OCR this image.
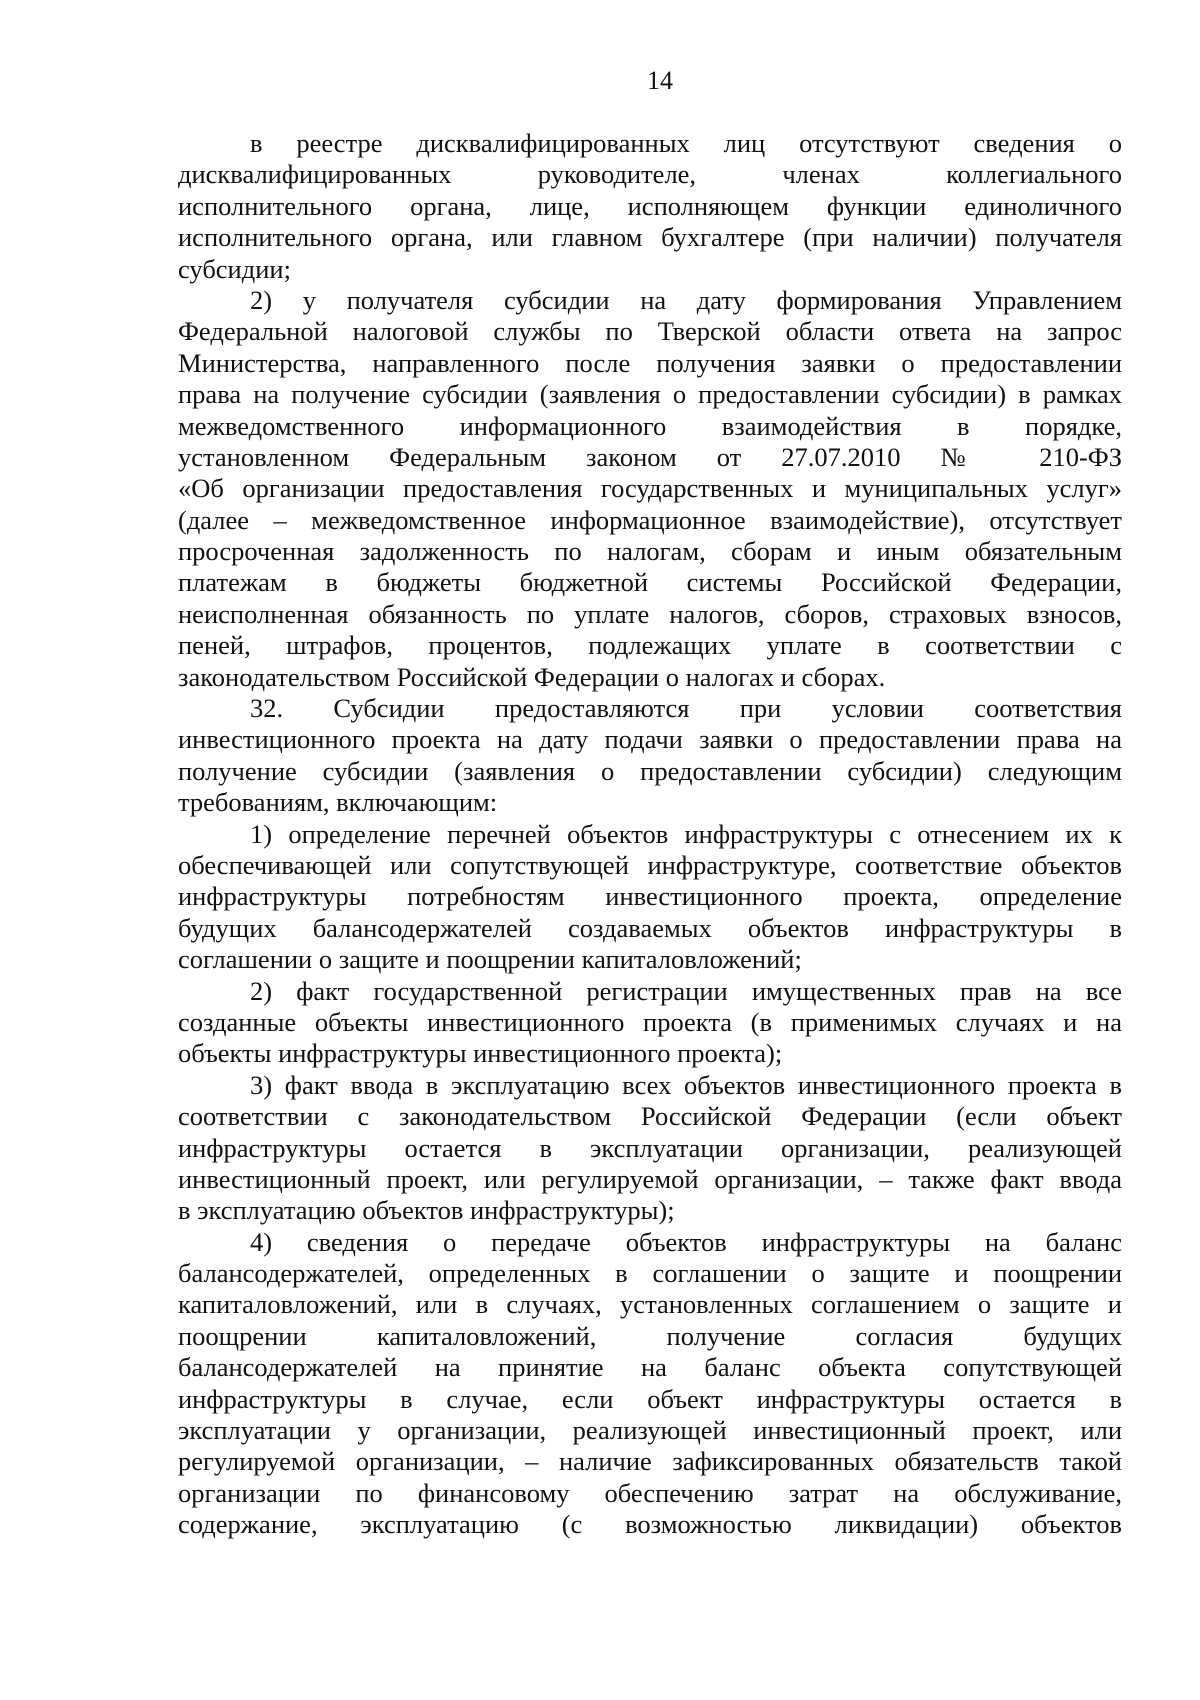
14
в реестре дисквалифицированных лиц отсутствуют сведения о
дисквалифицированных руководителе, членах коллегиального
исполнительного органа, лице, исполняющем функции единоличного
исполнительного органа, или главном бухгалтере (при наличии) получателя
субсидии;
2) у получателя субсидии на дату формирования Управлением
Федеральной налоговой службы по Тверской области ответа на запрос
Министерства, направленного после получения заявки о предоставлении
права на получение субсидии (заявления о предоставлении субсидии) в рамках
межведомственного информационного взаимодействия в порядке,
установленном Федеральным законом от 27.07.2010 № 210-ФЗ
«Об организации предоставления государственных и муниципальных услуг»
(далее – межведомственное информационное взаимодействие), отсутствует
просроченная задолженность по налогам, сборам и иным обязательным
платежам в бюджеты бюджетной системы Российской Федерации,
неисполненная обязанность по уплате налогов, сборов, страховых взносов,
пеней, штрафов, процентов, подлежащих уплате в соответствии с
законодательством Российской Федерации о налогах и сборах.
32. Субсидии предоставляются при условии соответствия
инвестиционного проекта на дату подачи заявки о предоставлении права на
получение субсидии (заявления о предоставлении субсидии) следующим
требованиям, включающим:
1) определение перечней объектов инфраструктуры с отнесением их к
обеспечивающей или сопутствующей инфраструктуре, соответствие объектов
инфраструктуры потребностям инвестиционного проекта, определение
будущих балансодержателей создаваемых объектов инфраструктуры в
соглашении о защите и поощрении капиталовложений;
2) факт государственной регистрации имущественных прав на все
созданные объекты инвестиционного проекта (в применимых случаях и на
объекты инфраструктуры инвестиционного проекта);
3) факт ввода в эксплуатацию всех объектов инвестиционного проекта в
соответствии с законодательством Российской Федерации (если объект
инфраструктуры остается в эксплуатации организации, реализующей
инвестиционный проект, или регулируемой организации, – также факт ввода
в эксплуатацию объектов инфраструктуры);
4) сведения о передаче объектов инфраструктуры на баланс
балансодержателей, определенных в соглашении о защите и поощрении
капиталовложений, или в случаях, установленных соглашением о защите и
поощрении капиталовложений, получение согласия будущих
балансодержателей на принятие на баланс объекта сопутствующей
инфраструктуры в случае, если объект инфраструктуры остается в
эксплуатации у организации, реализующей инвестиционный проект, или
регулируемой организации, – наличие зафиксированных обязательств такой
организации по финансовому обеспечению затрат на обслуживание,
содержание, эксплуатацию (с возможностью ликвидации) объектов
